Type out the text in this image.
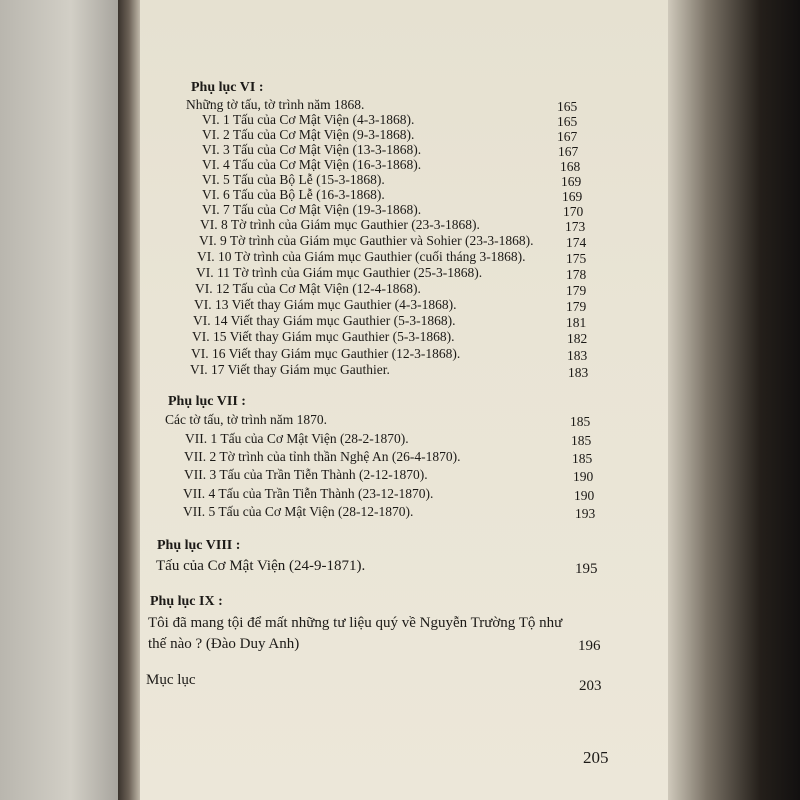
Phụ lục VI :
Những tờ tấu, tờ trình năm 1868.	165
VI. 1 Tấu của Cơ Mật Viện (4-3-1868).	165
VI. 2 Tấu của Cơ Mật Viện (9-3-1868).	167
VI. 3 Tấu của Cơ Mật Viện (13-3-1868).	167
VI. 4 Tấu của Cơ Mật Viện (16-3-1868).	168
VI. 5 Tấu của Bộ Lễ (15-3-1868).	169
VI. 6 Tấu của Bộ Lễ (16-3-1868).	169
VI. 7 Tấu của Cơ Mật Viện (19-3-1868).	170
VI. 8 Tờ trình của Giám mục Gauthier (23-3-1868).	173
VI. 9 Tờ trình của Giám mục Gauthier và Sohier (23-3-1868). 174
VI. 10 Tờ trình của Giám mục Gauthier (cuối tháng 3-1868).	175
VI. 11 Tờ trình của Giám mục Gauthier (25-3-1868).	178
VI. 12 Tấu của Cơ Mật Viện (12-4-1868).	179
VI. 13 Viết thay Giám mục Gauthier (4-3-1868).	179
VI. 14 Viết thay Giám mục Gauthier (5-3-1868).	181
VI. 15 Viết thay Giám mục Gauthier (5-3-1868).	182
VI. 16 Viết thay Giám mục Gauthier (12-3-1868).	183
VI. 17 Viết thay Giám mục Gauthier.	183
Phụ lục VII :
Các tờ tấu, tờ trình năm 1870.	185
VII. 1 Tấu của Cơ Mật Viện (28-2-1870).	185
VII. 2 Tờ trình của tỉnh thần Nghệ An (26-4-1870).	185
VII. 3 Tấu của Trần Tiễn Thành (2-12-1870).	190
VII. 4 Tấu của Trần Tiễn Thành (23-12-1870).	190
VII. 5 Tấu của Cơ Mật Viện (28-12-1870).	193
Phụ lục VIII :
Tấu của Cơ Mật Viện (24-9-1871).	195
Phụ lục IX :
Tôi đã mang tội để mất những tư liệu quý về Nguyễn Trường Tộ như
thế nào ? (Đào Duy Anh)	196
Mục lục	203
205
